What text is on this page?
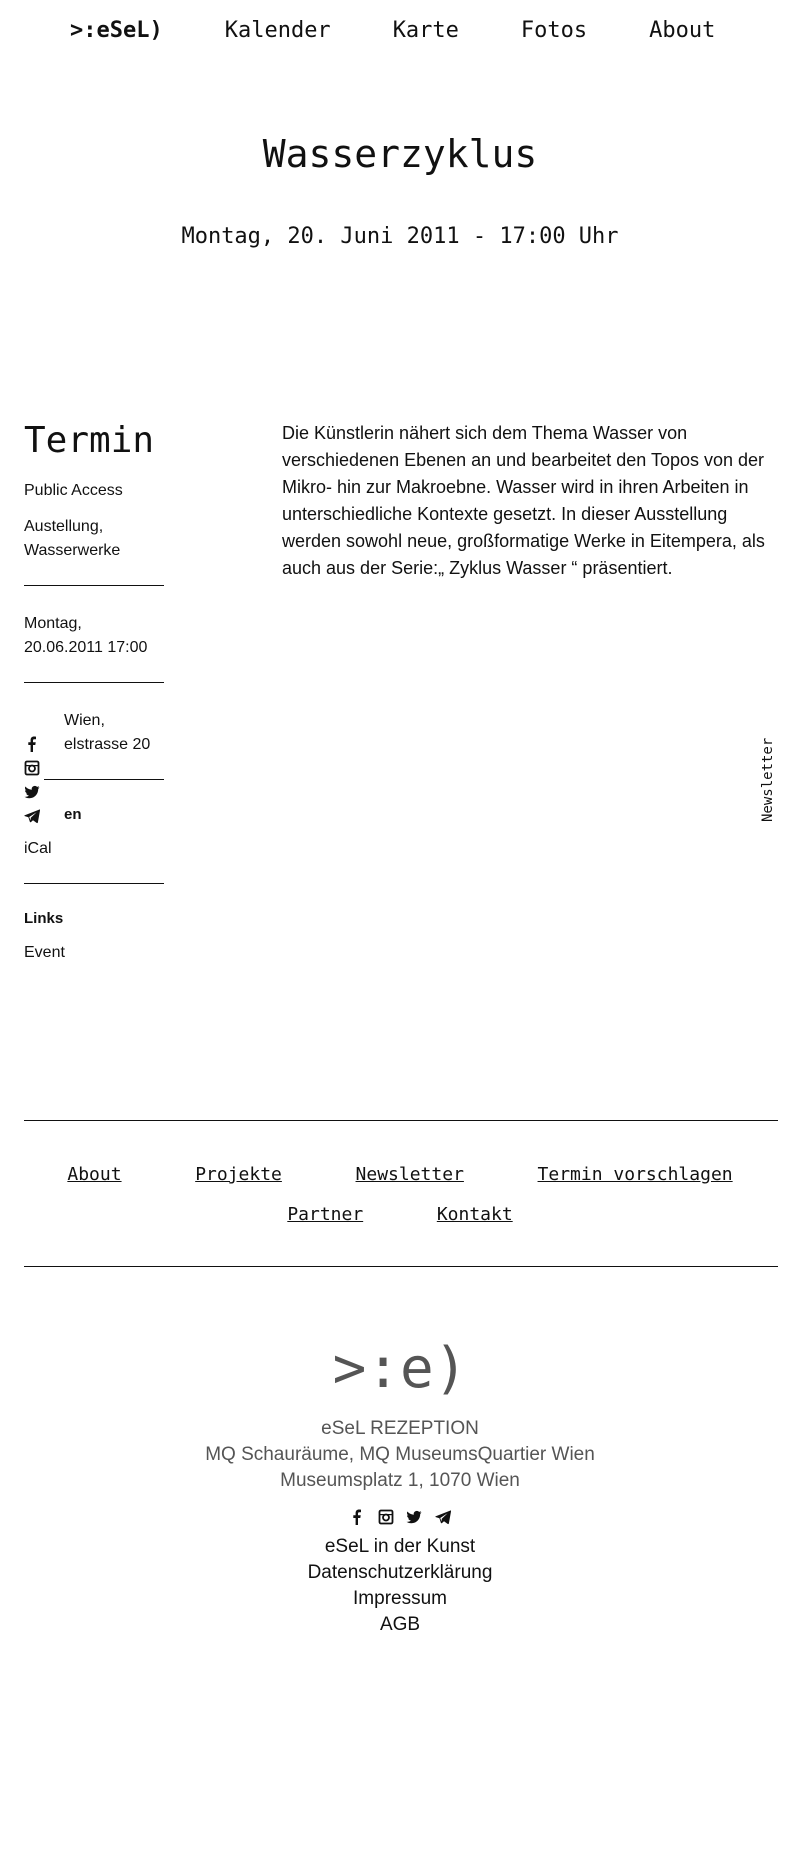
>:eSeL)	Kalender	Karte	Fotos	About
Wasserzyklus
Montag, 20. Juni 2011 - 17:00 Uhr
Termin

Public Access

Austellung, Wasserwerke

Montag, 20.06.2011 17:00

Wien,

elstrasse 20

en

iCal

Links

Event
Die Künstlerin nähert sich dem Thema Wasser von verschiedenen Ebenen an und bearbeitet den Topos von der Mikro- hin zur Makroebne. Wasser wird in ihren Arbeiten in unterschiedliche Kontexte gesetzt. In dieser Ausstellung werden sowohl neue, großformatige Werke in Eitempera, als auch aus der Serie:„ Zyklus Wasser “ präsentiert.
Newsletter
About	Projekte	Newsletter	Termin vorschlagen
Partner	Kontakt
>:e)
eSeL REZEPTION
MQ Schauräume, MQ MuseumsQuartier Wien
Museumsplatz 1, 1070 Wien

eSeL in der Kunst
Datenschutzerklärung
Impressum
AGB
